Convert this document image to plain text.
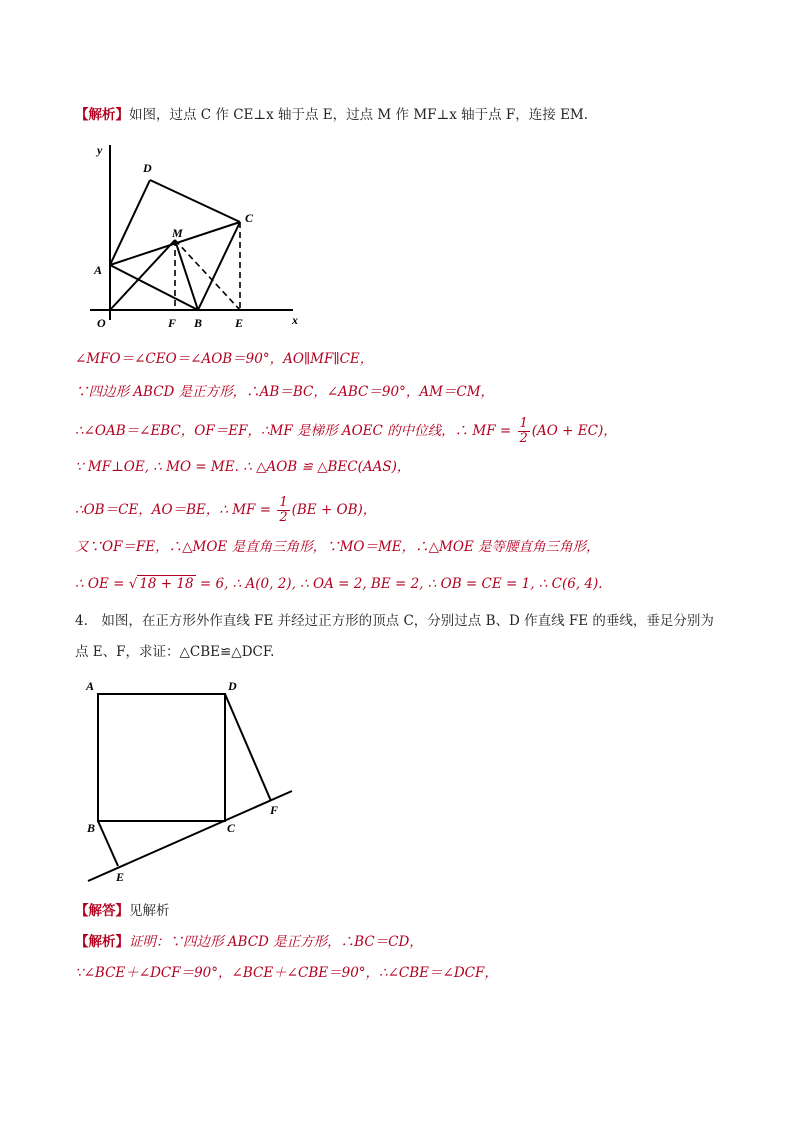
【解析】如图，过点 C 作 CE⊥x 轴于点 E，过点 M 作 MF⊥x 轴于点 F，连接 EM.
y
D
C
M
A
O	F B	E	x
∠MFO＝∠CEO＝∠AOB＝90°，AO∥MF∥CE，
∵四边形 ABCD 是正方形，∴AB＝BC，∠ABC＝90°，AM＝CM，
∴∠OAB＝∠EBC，OF＝EF，∴MF 是梯形 AOEC 的中位线，∴ MF = $\frac{1}{2} (AO + EC)$，
∵ MF⊥OE, ∴ MO = ME. ∴ △AOB ≌ △BEC(AAS)，
∴OB＝CE，AO＝BE，∴ MF = $\frac{1}{2} (BE + OB)$，
又∵OF＝FE，∴△MOE 是直角三角形，∵MO＝ME，∴△MOE 是等腰直角三角形，
∴ OE = √ 18 + 18 = 6, ∴ A(0, 2), ∴ OA = 2, BE = 2, ∴ OB = CE = 1, ∴ C(6, 4).
4.　如图，在正方形外作直线 FE 并经过正方形的顶点 C，分别过点 B、D 作直线 FE 的垂线，垂足分别为
点 E、F，求证：△CBE≌△DCF.
A	D
F
B	C
E
【解答】见解析
【解析】证明：∵四边形 ABCD 是正方形，∴BC＝CD，
∵∠BCE＋∠DCF＝90°，∠BCE＋∠CBE＝90°，∴∠CBE＝∠DCF，
